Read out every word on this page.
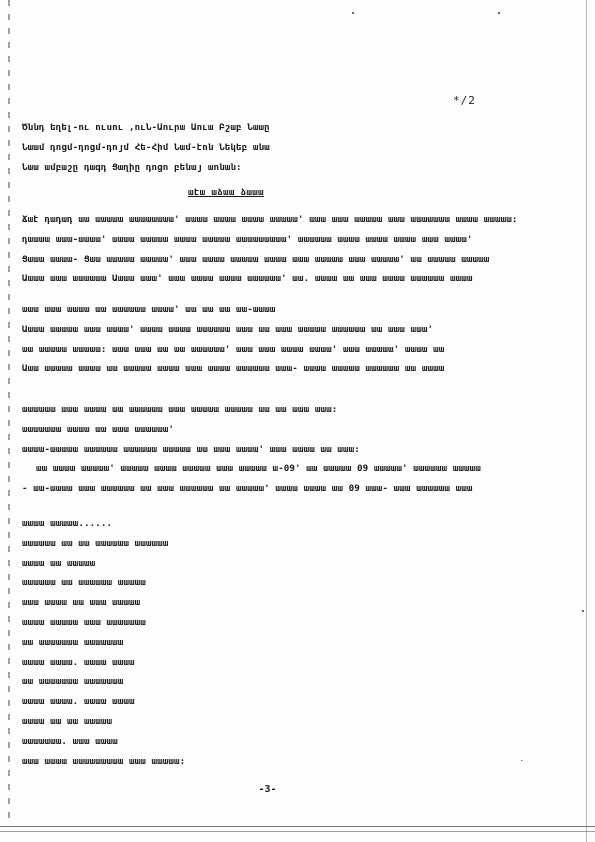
*/2
Ծննդ եղել-ու ուսու ,ուՆ-Աուրա Աուա Բշաբ Նաաը
Նաամ դոցմ-դոցմ-դոյմ Հե-Հիմ Նամ-էոն Նեկեբ անա
Նաա ամբաշը դագդ Ցաղիը դոցո բենայ աոնան:
աէա աձաա ձաաա
Ճաէ դադադ աա աաաաա աաաաաաաա' աաաա աաաա աաաա աաաաա' աաա աաա աաաաա աաա աաաաաաա աաաա աաաաա:
դաաաա աաա-աաաա' աաաա աաաաա աաաա աաաաա աաաաաաաաա' աաաաաա աաաա աաաա աաաա աաա աաաա'
Ցաաա աաաա- Ցաա աաաաա աաաաա' աաա աաաա աաաաա աաաա աաա աաաաա աաա աաաաա' աա աաաաա աաաաա
Աաաա աաա աաաաաա Աաաա աաա' աաա աաաա աաաա աաաաաա' աա. աաաա աա աաա աաաա աաաաաա աաաա
աաա աաա աաաա աա աաաաաա աաաա' աա աա աա աա-աաաա
Աաաա աաաաա աաա աաաա' աաաա աաաա աաաաաա աաա աա աաա աաաաա աաաաաա աա աաա աաա'
աա աաաաա աաաաա: աաա աաա աա աա աաաաաա' աաա աաա աաաա աաաա' աաա աաաաա' աաաա աա
Աաա աաաաա աաաա աա աաաաա աաաա աաա աաաա աաաաաա աաա- աաաա աաաաա աաաաաա աա աաաա
աաաաաա աաա աաաա աա աաաաաա աաա աաաաա աաաաա աա աա աաա աաա:
աաաաաաա աաաա աա աաա աաաաաա'
աաաա-աաաաա աաաաաա աաաաաա աաաաա աա աաա աաաա' աաա աաաա աա աաա:
աա աաաա աաաաա' աաաաա աաաա աաաաա աաա աաաաա ա-09' աա աաաաա 09 աաաաա' աաաաաա աաաաա
- աա-աաաա աաա աաաաաա աա աաա աաաաաա աա աաաաա' աաաա աաաա աա 09 աաա- աաա աաաաաա աաա
աաաա աաաաա......
աաաաաա աա աա աաաաաա աաաաաա
աաաա աա աաաաա
աաաաաա աա աաաաաա աաաաա
աաա աաաա աա աաա աաաաա
աաաա աաաաա աաա աաաաաաա
աա աաաաաաա աաաաաաա
աաաա աաաա. աաաա աաաա
աա աաաաաաա աաաաաաա
աաաա աաաա. աաաա աաաա
աաաա աա աա աաաաա
աաաաաաա. աաա աաաա
աաա աաաա աաաաաաաաա աաա աաաաա:	˙
-3-
